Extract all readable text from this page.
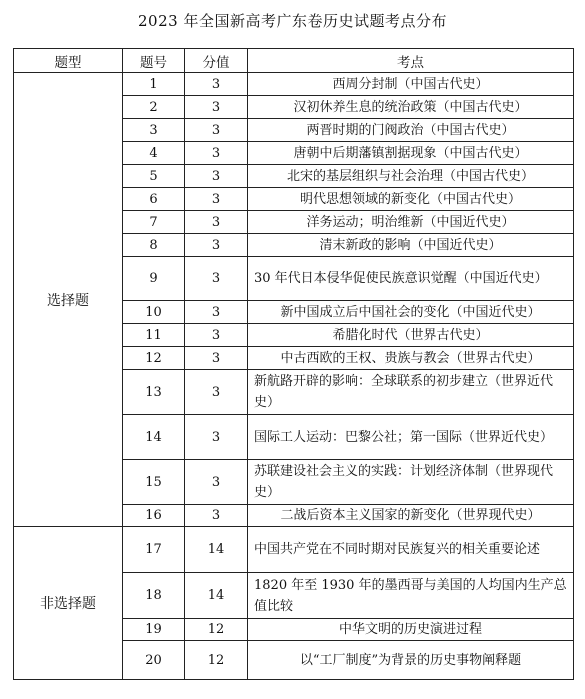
2023 年全国新高考广东卷历史试题考点分布
题型	题号	分值	考点
选择题	1	3	西周分封制（中国古代史）
	2	3	汉初休养生息的统治政策（中国古代史）
	3	3	两晋时期的门阀政治（中国古代史）
	4	3	唐朝中后期藩镇割据现象（中国古代史）
	5	3	北宋的基层组织与社会治理（中国古代史）
	6	3	明代思想领域的新变化（中国古代史）
	7	3	洋务运动；明治维新（中国近代史）
	8	3	清末新政的影响（中国近代史）
	9	3	30 年代日本侵华促使民族意识觉醒（中国近代史）
	10	3	新中国成立后中国社会的变化（中国近代史）
	11	3	希腊化时代（世界古代史）
	12	3	中古西欧的王权、贵族与教会（世界古代史）
	13	3	新航路开辟的影响：全球联系的初步建立（世界近代史）
	14	3	国际工人运动：巴黎公社；第一国际（世界近代史）
	15	3	苏联建设社会主义的实践：计划经济体制（世界现代史）
	16	3	二战后资本主义国家的新变化（世界现代史）
非选择题	17	14	中国共产党在不同时期对民族复兴的相关重要论述
	18	14	1820 年至 1930 年的墨西哥与美国的人均国内生产总值比较
	19	12	中华文明的历史演进过程
	20	12	以“工厂制度”为背景的历史事物阐释题
